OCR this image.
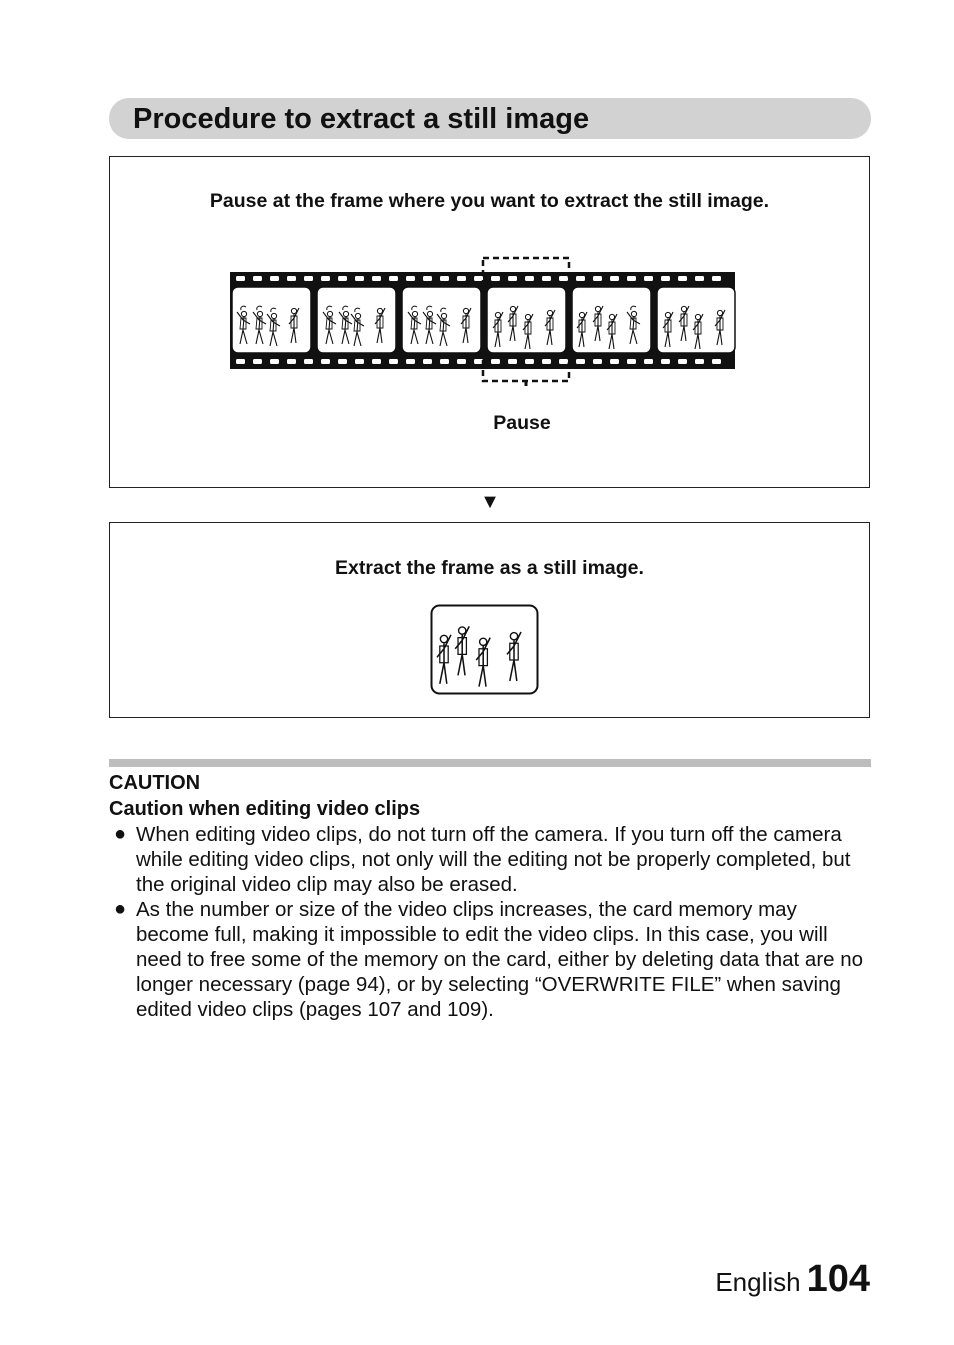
Procedure to extract a still image
Pause at the frame where you want to extract the still image.
Pause
▼
Extract the frame as a still image.
CAUTION
Caution when editing video clips
● When editing video clips, do not turn off the camera. If you turn off the camera while editing video clips, not only will the editing not be properly completed, but the original video clip may also be erased.
● As the number or size of the video clips increases, the card memory may become full, making it impossible to edit the video clips. In this case, you will need to free some of the memory on the card, either by deleting data that are no longer necessary (page 94), or by selecting “OVERWRITE FILE” when saving edited video clips (pages 107 and 109).
English 104
